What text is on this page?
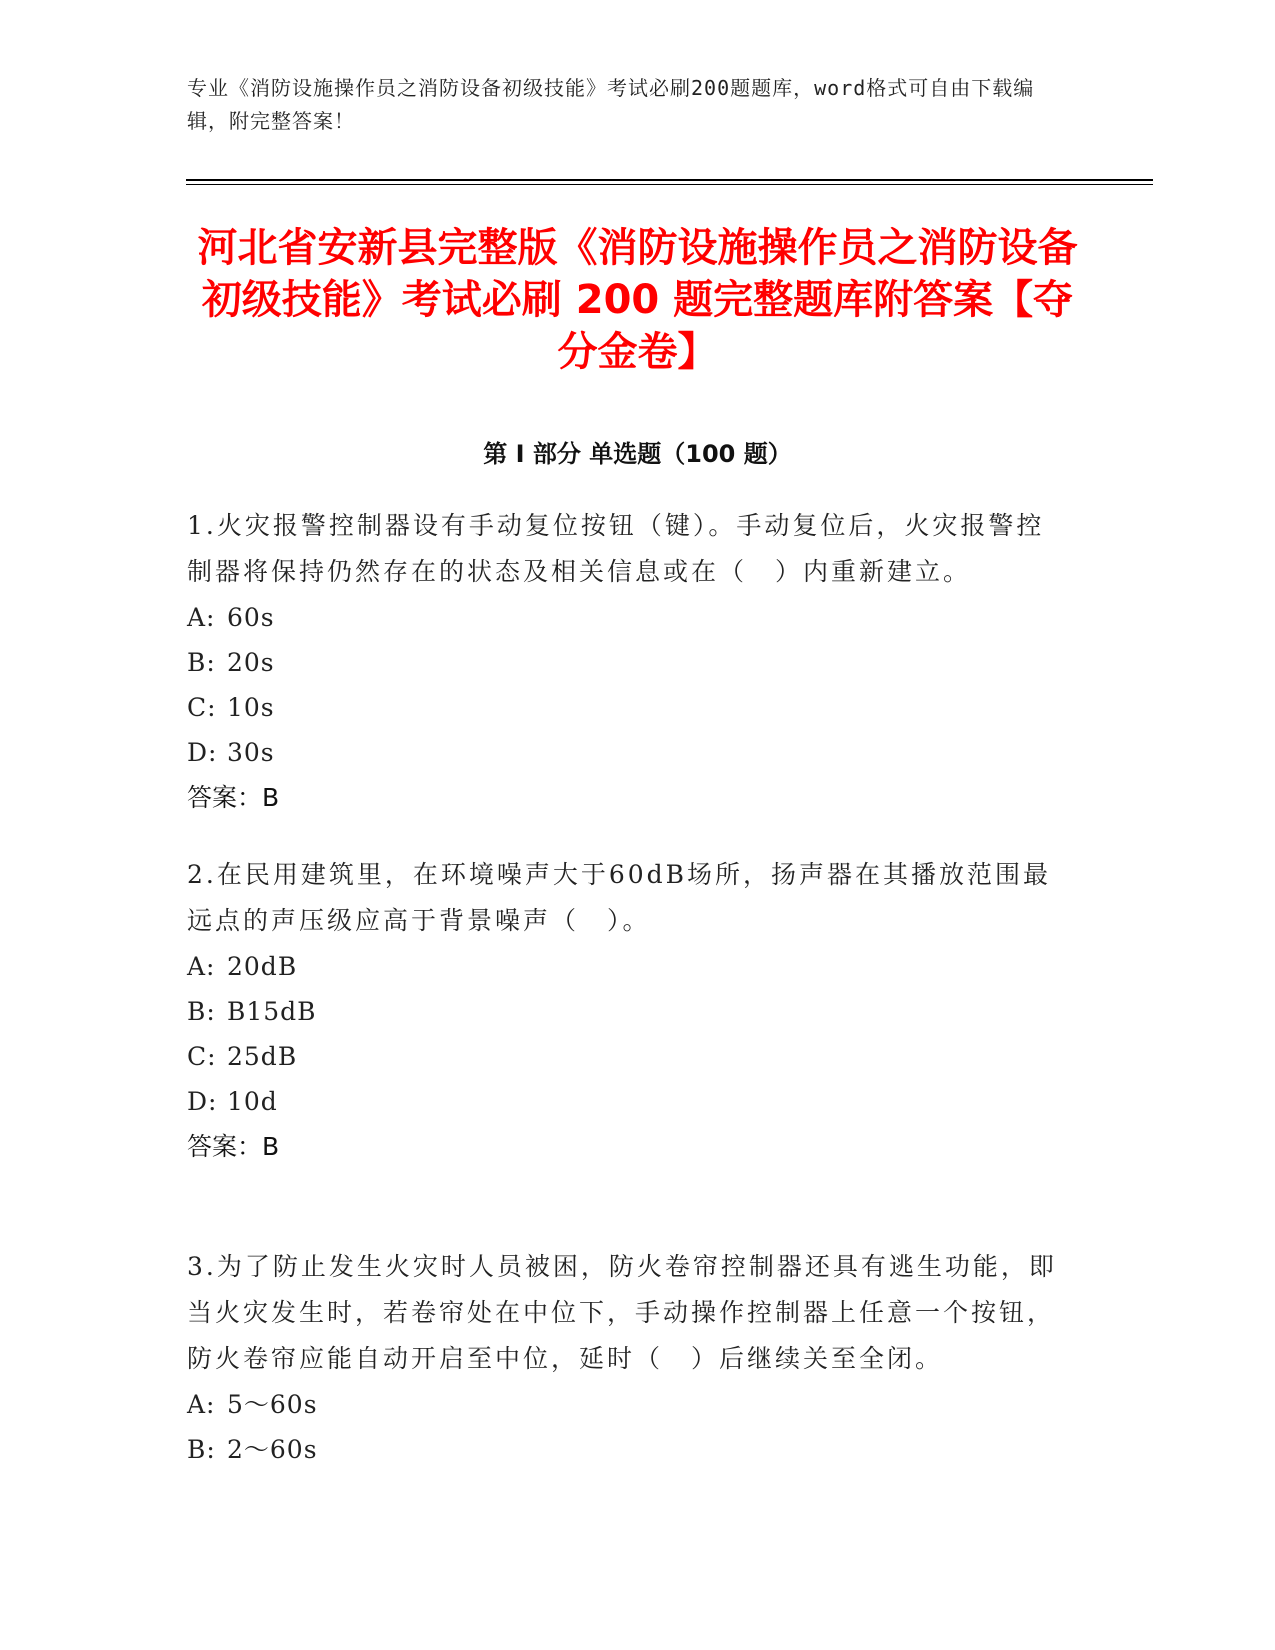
专业《消防设施操作员之消防设备初级技能》考试必刷200题题库，word格式可自由下载编辑，附完整答案！
河北省安新县完整版《消防设施操作员之消防设备初级技能》考试必刷 200 题完整题库附答案【夺分金卷】
第 I 部分 单选题（100 题）

1.火灾报警控制器设有手动复位按钮（键）。手动复位后，火灾报警控制器将保持仍然存在的状态及相关信息或在（　）内重新建立。

A: 60s

B: 20s

C: 10s

D: 30s

答案：B

2.在民用建筑里，在环境噪声大于60dB场所，扬声器在其播放范围最远点的声压级应高于背景噪声（　）。

A: 20dB

B: B15dB

C: 25dB

D: 10d

答案：B

3.为了防止发生火灾时人员被困，防火卷帘控制器还具有逃生功能，即当火灾发生时，若卷帘处在中位下，手动操作控制器上任意一个按钮，防火卷帘应能自动开启至中位，延时（　）后继续关至全闭。

A: 5～60s

B: 2～60s
